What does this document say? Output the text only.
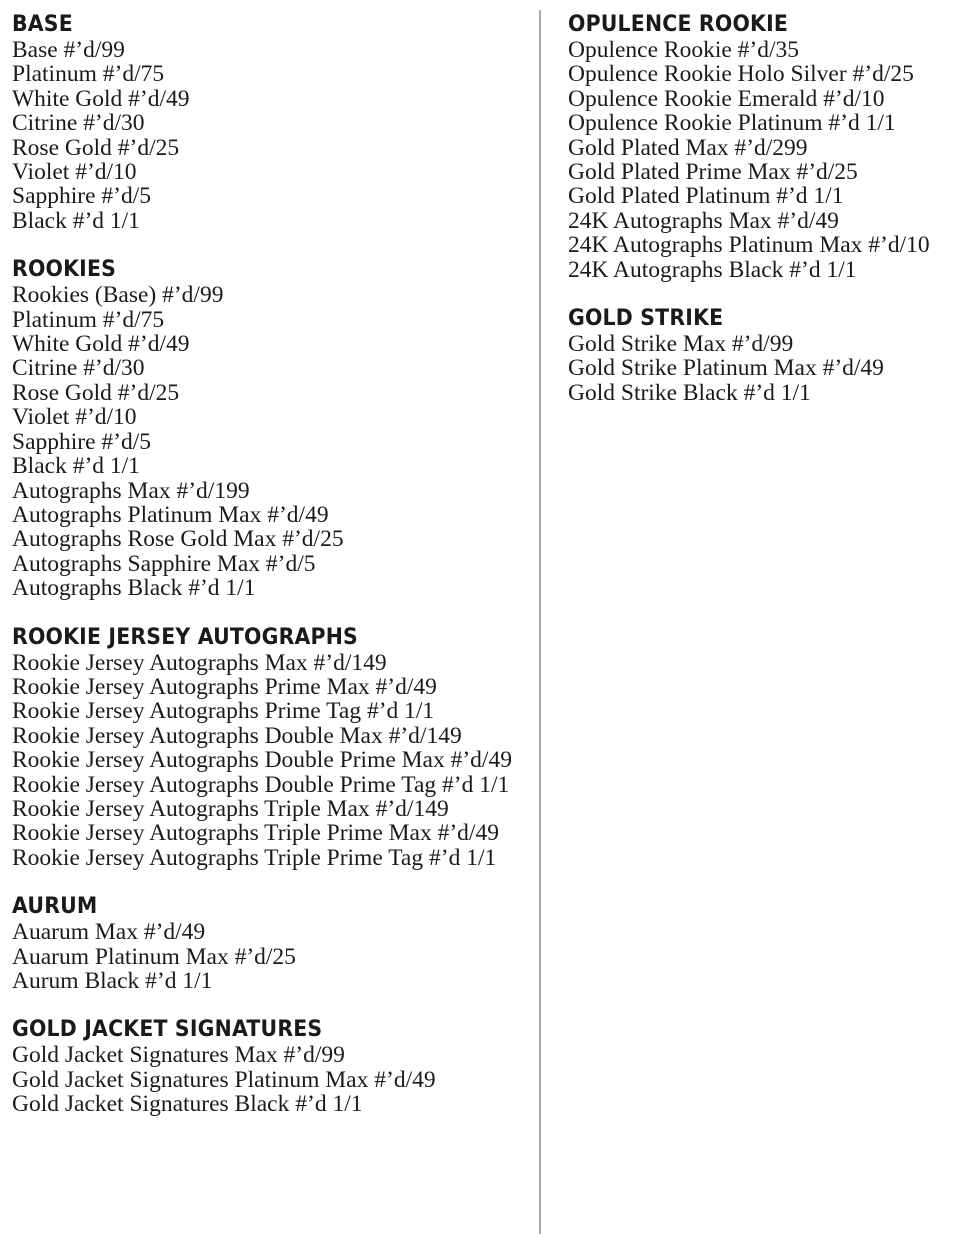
BASE
Base #’d/99
Platinum #’d/75
White Gold #’d/49
Citrine #’d/30
Rose Gold #’d/25
Violet #’d/10
Sapphire #’d/5
Black #’d 1/1
ROOKIES
Rookies (Base) #’d/99
Platinum #’d/75
White Gold #’d/49
Citrine #’d/30
Rose Gold #’d/25
Violet #’d/10
Sapphire #’d/5
Black #’d 1/1
Autographs Max #’d/199
Autographs Platinum Max #’d/49
Autographs Rose Gold Max #’d/25
Autographs Sapphire Max #’d/5
Autographs Black #’d 1/1
ROOKIE JERSEY AUTOGRAPHS
Rookie Jersey Autographs Max #’d/149
Rookie Jersey Autographs Prime Max #’d/49
Rookie Jersey Autographs Prime Tag #’d 1/1
Rookie Jersey Autographs Double Max #’d/149
Rookie Jersey Autographs Double Prime Max #’d/49
Rookie Jersey Autographs Double Prime Tag #’d 1/1
Rookie Jersey Autographs Triple Max #’d/149
Rookie Jersey Autographs Triple Prime Max #’d/49
Rookie Jersey Autographs Triple Prime Tag #’d 1/1
AURUM
Auarum Max #’d/49
Auarum Platinum Max #’d/25
Aurum Black #’d 1/1
GOLD JACKET SIGNATURES
Gold Jacket Signatures Max #’d/99
Gold Jacket Signatures Platinum Max #’d/49
Gold Jacket Signatures Black #’d 1/1
OPULENCE ROOKIE
Opulence Rookie #’d/35
Opulence Rookie Holo Silver #’d/25
Opulence Rookie Emerald #’d/10
Opulence Rookie Platinum #’d 1/1
Gold Plated Max #’d/299
Gold Plated Prime Max #’d/25
Gold Plated Platinum #’d 1/1
24K Autographs Max #’d/49
24K Autographs Platinum Max #’d/10
24K Autographs Black #’d 1/1
GOLD STRIKE
Gold Strike Max #’d/99
Gold Strike Platinum Max #’d/49
Gold Strike Black #’d 1/1
